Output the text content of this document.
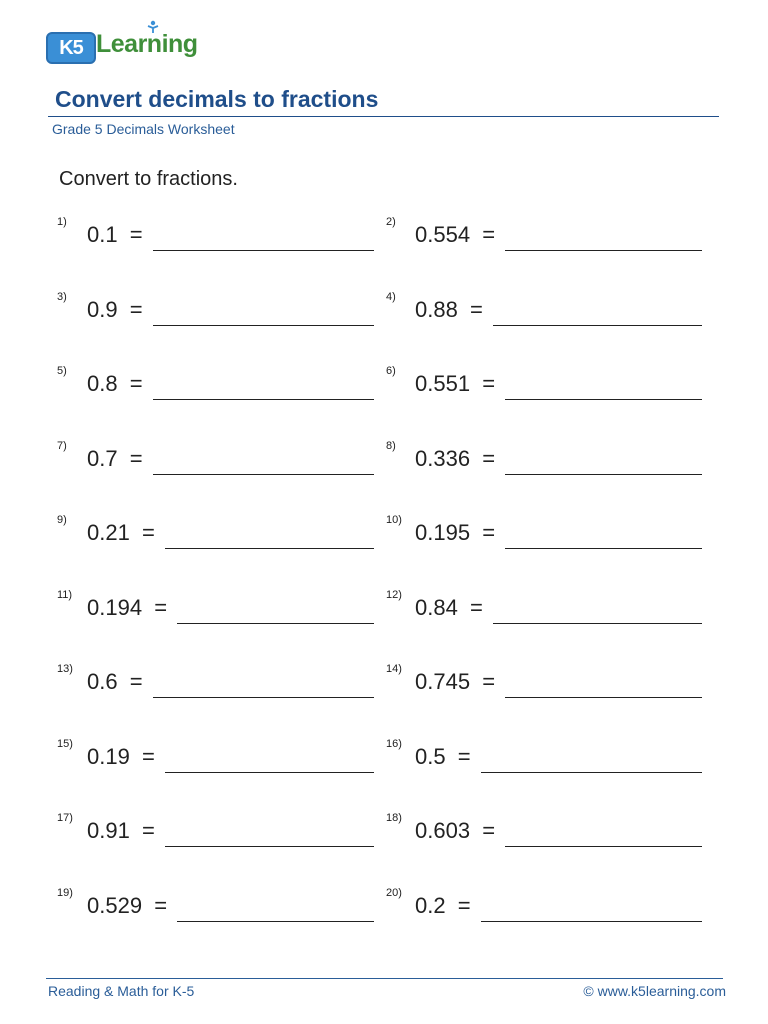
K5 Learning
Convert decimals to fractions
Grade 5 Decimals Worksheet
Convert to fractions.
1) 0.1  =	2) 0.554  =
3) 0.9  =	4) 0.88  =
5) 0.8  =	6) 0.551  =
7) 0.7  =	8) 0.336  =
9) 0.21  =	10) 0.195  =
11) 0.194  =	12) 0.84  =
13) 0.6  =	14) 0.745  =
15) 0.19  =	16) 0.5  =
17) 0.91  =	18) 0.603  =
19) 0.529  =	20) 0.2  =
Reading & Math for K-5	© www.k5learning.com
